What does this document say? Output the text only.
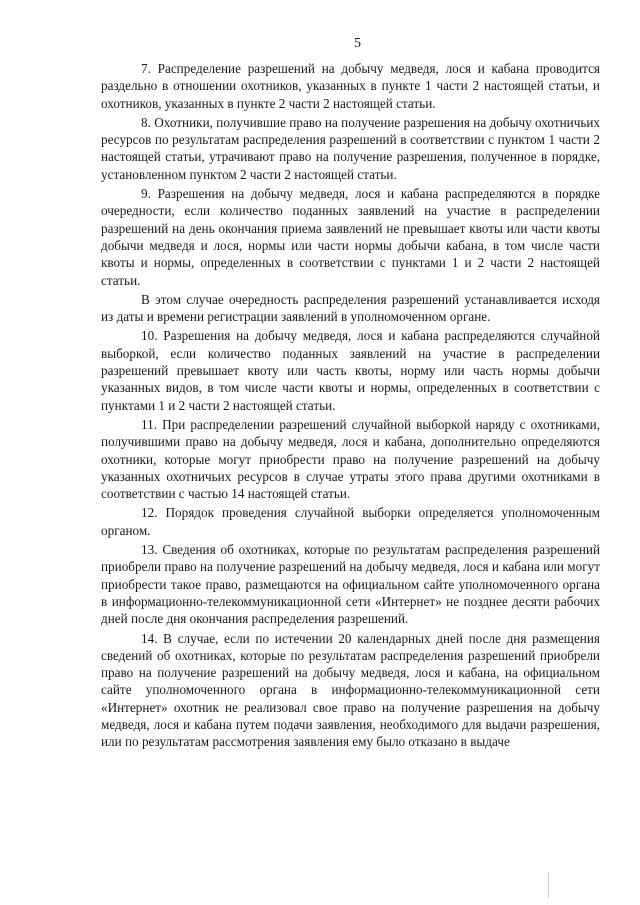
5

7. Распределение разрешений на добычу медведя, лося и кабана проводится раздельно в отношении охотников, указанных в пункте 1 части 2 настоящей статьи, и охотников, указанных в пункте 2 части 2 настоящей статьи.

8. Охотники, получившие право на получение разрешения на добычу охотничьих ресурсов по результатам распределения разрешений в соответствии с пунктом 1 части 2 настоящей статьи, утрачивают право на получение разрешения, полученное в порядке, установленном пунктом 2 части 2 настоящей статьи.

9. Разрешения на добычу медведя, лося и кабана распределяются в порядке очередности, если количество поданных заявлений на участие в распределении разрешений на день окончания приема заявлений не превышает квоты или части квоты добычи медведя и лося, нормы или части нормы добычи кабана, в том числе части квоты и нормы, определенных в соответствии с пунктами 1 и 2 части 2 настоящей статьи.

В этом случае очередность распределения разрешений устанавливается исходя из даты и времени регистрации заявлений в уполномоченном органе.

10. Разрешения на добычу медведя, лося и кабана распределяются случайной выборкой, если количество поданных заявлений на участие в распределении разрешений превышает квоту или часть квоты, норму или часть нормы добычи указанных видов, в том числе части квоты и нормы, определенных в соответствии с пунктами 1 и 2 части 2 настоящей статьи.

11. При распределении разрешений случайной выборкой наряду с охотниками, получившими право на добычу медведя, лося и кабана, дополнительно определяются охотники, которые могут приобрести право на получение разрешений на добычу указанных охотничьих ресурсов в случае утраты этого права другими охотниками в соответствии с частью 14 настоящей статьи.

12. Порядок проведения случайной выборки определяется уполномоченным органом.

13. Сведения об охотниках, которые по результатам распределения разрешений приобрели право на получение разрешений на добычу медведя, лося и кабана или могут приобрести такое право, размещаются на официальном сайте уполномоченного органа в информационно-телекоммуникационной сети «Интернет» не позднее десяти рабочих дней после дня окончания распределения разрешений.

14. В случае, если по истечении 20 календарных дней после дня размещения сведений об охотниках, которые по результатам распределения разрешений приобрели право на получение разрешений на добычу медведя, лося и кабана, на официальном сайте уполномоченного органа в информационно-телекоммуникационной сети «Интернет» охотник не реализовал свое право на получение разрешения на добычу медведя, лося и кабана путем подачи заявления, необходимого для выдачи разрешения, или по результатам рассмотрения заявления ему было отказано в выдаче
